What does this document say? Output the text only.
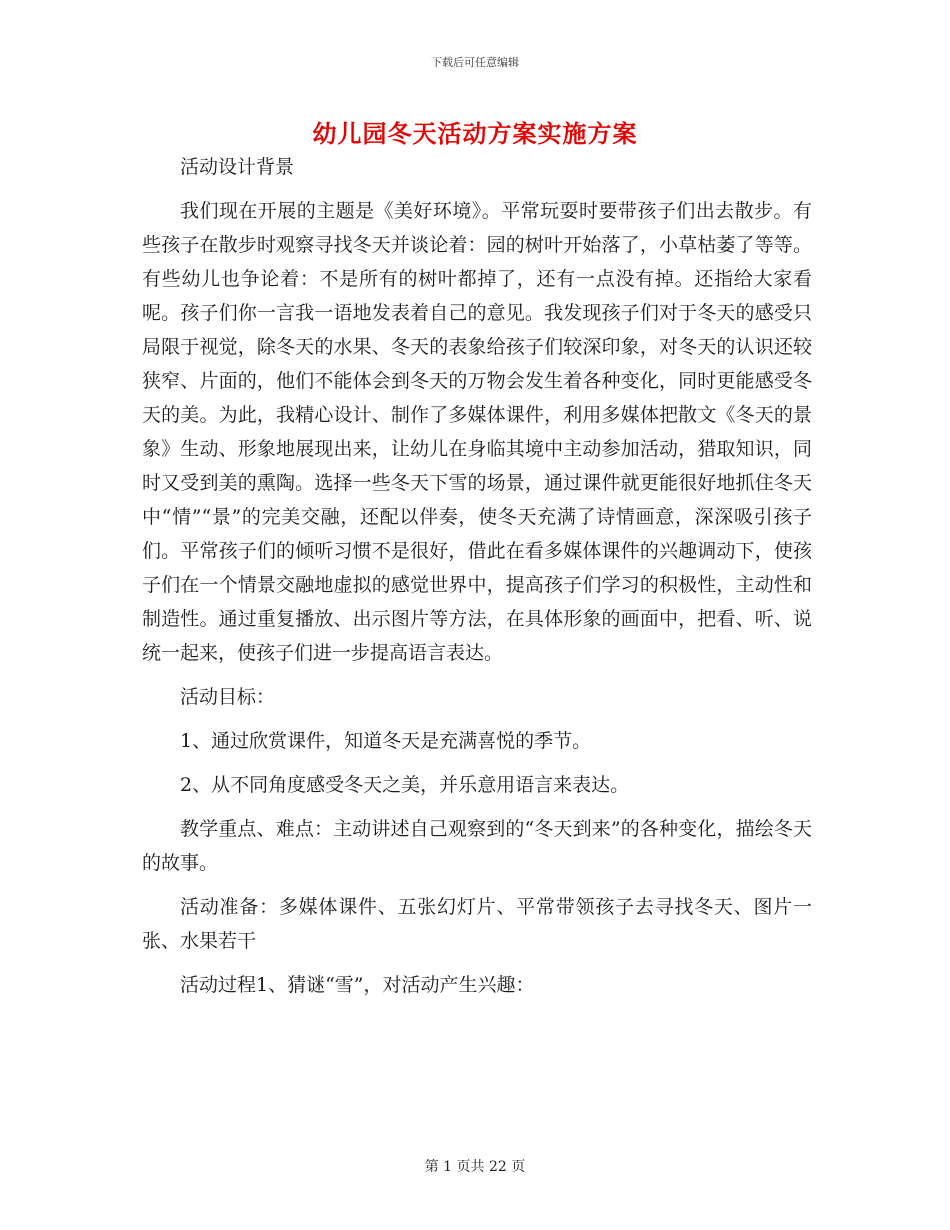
下载后可任意编辑
幼儿园冬天活动方案实施方案

活动设计背景

我们现在开展的主题是《美好环境》。平常玩耍时要带孩子们出去散步。有些孩子在散步时观察寻找冬天并谈论着：园的树叶开始落了，小草枯萎了等等。有些幼儿也争论着：不是所有的树叶都掉了，还有一点没有掉。还指给大家看呢。孩子们你一言我一语地发表着自己的意见。我发现孩子们对于冬天的感受只局限于视觉，除冬天的水果、冬天的表象给孩子们较深印象，对冬天的认识还较狭窄、片面的，他们不能体会到冬天的万物会发生着各种变化，同时更能感受冬天的美。为此，我精心设计、制作了多媒体课件，利用多媒体把散文《冬天的景象》生动、形象地展现出来，让幼儿在身临其境中主动参加活动，猎取知识，同时又受到美的熏陶。选择一些冬天下雪的场景，通过课件就更能很好地抓住冬天中“情”“景”的完美交融，还配以伴奏，使冬天充满了诗情画意，深深吸引孩子们。平常孩子们的倾听习惯不是很好，借此在看多媒体课件的兴趣调动下，使孩子们在一个情景交融地虚拟的感觉世界中，提高孩子们学习的积极性，主动性和制造性。通过重复播放、出示图片等方法，在具体形象的画面中，把看、听、说统一起来，使孩子们进一步提高语言表达。

活动目标：

1、通过欣赏课件，知道冬天是充满喜悦的季节。

2、从不同角度感受冬天之美，并乐意用语言来表达。

教学重点、难点：主动讲述自己观察到的“冬天到来”的各种变化，描绘冬天的故事。

活动准备：多媒体课件、五张幻灯片、平常带领孩子去寻找冬天、图片一张、水果若干

活动过程1、猜谜“雪”，对活动产生兴趣：

第 1 页共 22 页
